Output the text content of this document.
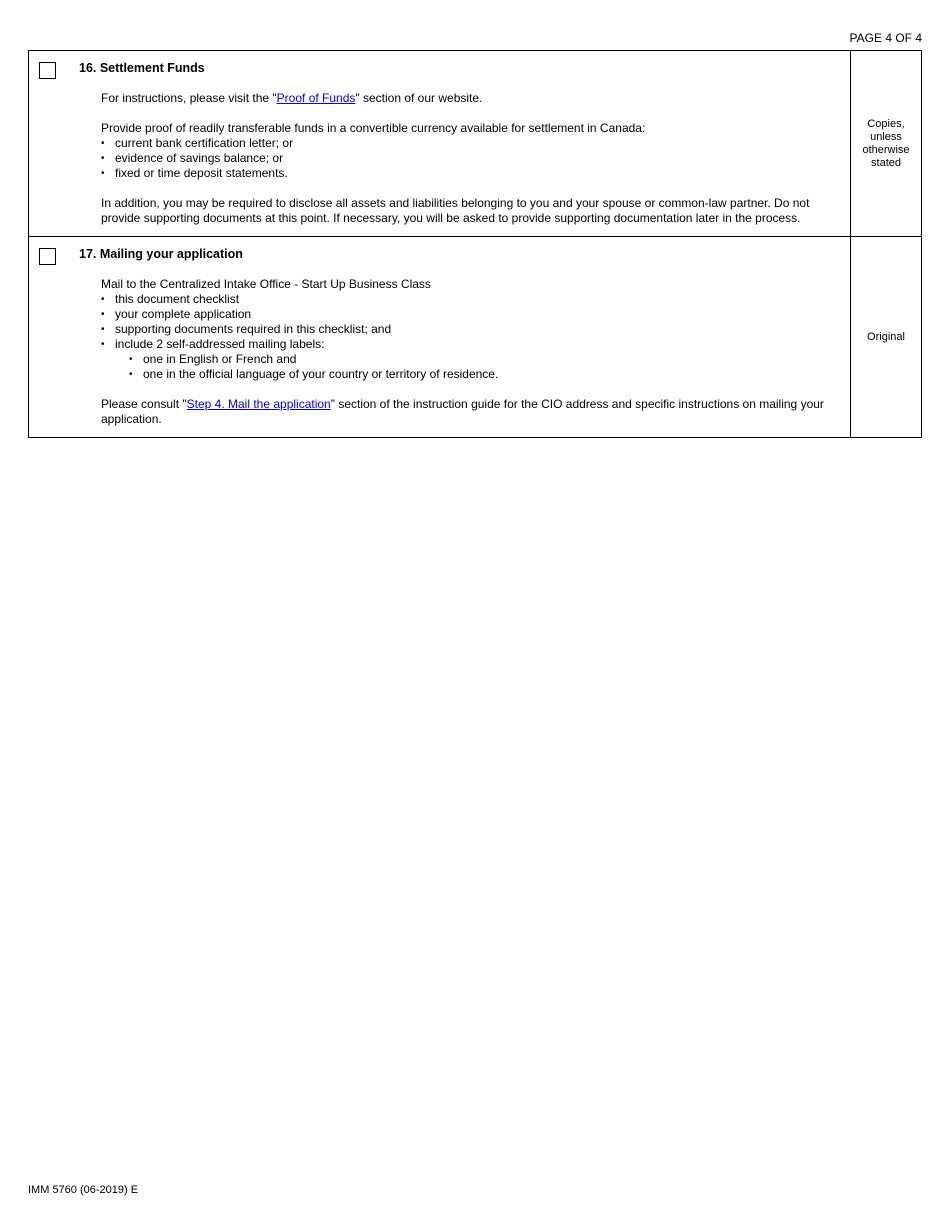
PAGE 4 OF 4
16. Settlement Funds

For instructions, please visit the "Proof of Funds" section of our website.

Provide proof of readily transferable funds in a convertible currency available for settlement in Canada:

• current bank certification letter; or
• evidence of savings balance; or
• fixed or time deposit statements.

In addition, you may be required to disclose all assets and liabilities belonging to you and your spouse or common-law partner. Do not provide supporting documents at this point. If necessary, you will be asked to provide supporting documentation later in the process.

Copies, unless otherwise stated
17. Mailing your application

Mail to the Centralized Intake Office - Start Up Business Class

• this document checklist
• your complete application
• supporting documents required in this checklist; and
• include 2 self-addressed mailing labels:
• one in English or French and
• one in the official language of your country or territory of residence.

Please consult "Step 4. Mail the application" section of the instruction guide for the CIO address and specific instructions on mailing your application.

Original
IMM 5760 (06-2019) E
